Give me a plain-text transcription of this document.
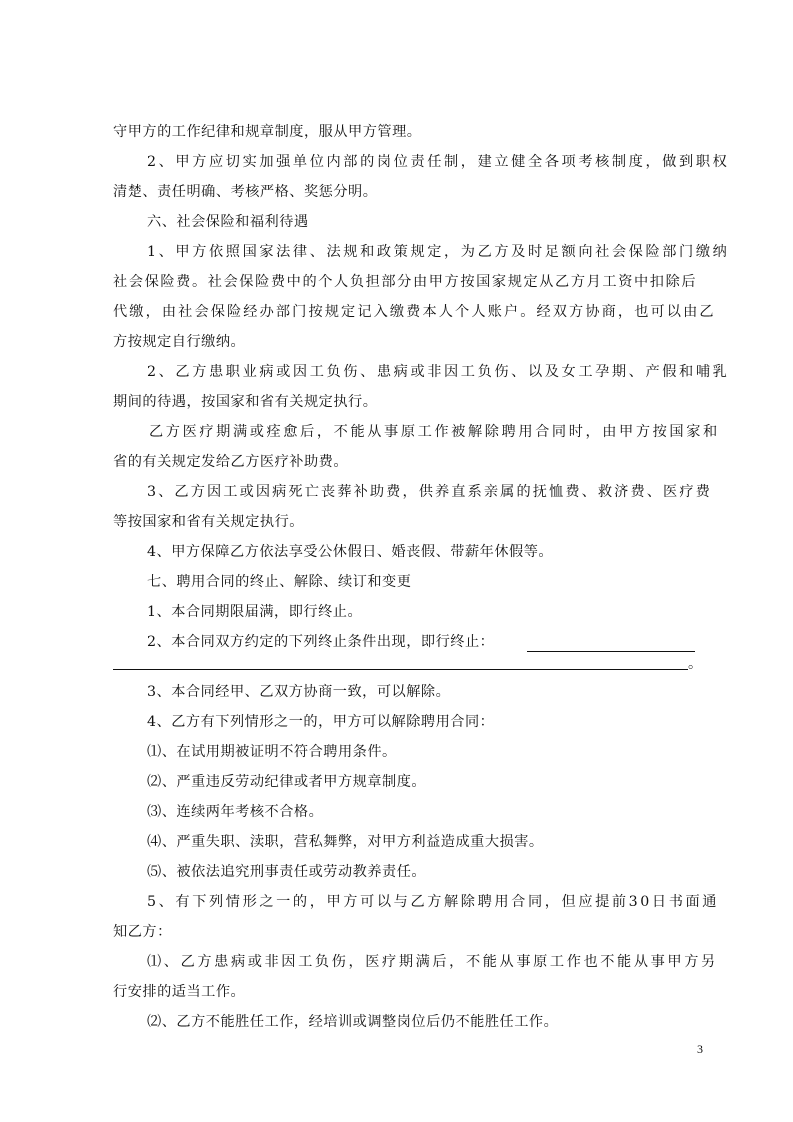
守甲方的工作纪律和规章制度，服从甲方管理。
2、甲方应切实加强单位内部的岗位责任制，建立健全各项考核制度，做到职权
清楚、责任明确、考核严格、奖惩分明。
六、社会保险和福利待遇
1、甲方依照国家法律、法规和政策规定，为乙方及时足额向社会保险部门缴纳
社会保险费。社会保险费中的个人负担部分由甲方按国家规定从乙方月工资中扣除后
代缴，由社会保险经办部门按规定记入缴费本人个人账户。经双方协商，也可以由乙
方按规定自行缴纳。
2、乙方患职业病或因工负伤、患病或非因工负伤、以及女工孕期、产假和哺乳
期间的待遇，按国家和省有关规定执行。
乙方医疗期满或痊愈后，不能从事原工作被解除聘用合同时，由甲方按国家和
省的有关规定发给乙方医疗补助费。
3、乙方因工或因病死亡丧葬补助费，供养直系亲属的抚恤费、救济费、医疗费
等按国家和省有关规定执行。
4、甲方保障乙方依法享受公休假日、婚丧假、带薪年休假等。
七、聘用合同的终止、解除、续订和变更
1、本合同期限届满，即行终止。
2、本合同双方约定的下列终止条件出现，即行终止：
。
3、本合同经甲、乙双方协商一致，可以解除。
4、乙方有下列情形之一的，甲方可以解除聘用合同：
⑴、在试用期被证明不符合聘用条件。
⑵、严重违反劳动纪律或者甲方规章制度。
⑶、连续两年考核不合格。
⑷、严重失职、渎职，营私舞弊，对甲方利益造成重大损害。
⑸、被依法追究刑事责任或劳动教养责任。
5、有下列情形之一的，甲方可以与乙方解除聘用合同，但应提前30日书面通
知乙方：
⑴、乙方患病或非因工负伤，医疗期满后，不能从事原工作也不能从事甲方另
行安排的适当工作。
⑵、乙方不能胜任工作，经培训或调整岗位后仍不能胜任工作。
3
